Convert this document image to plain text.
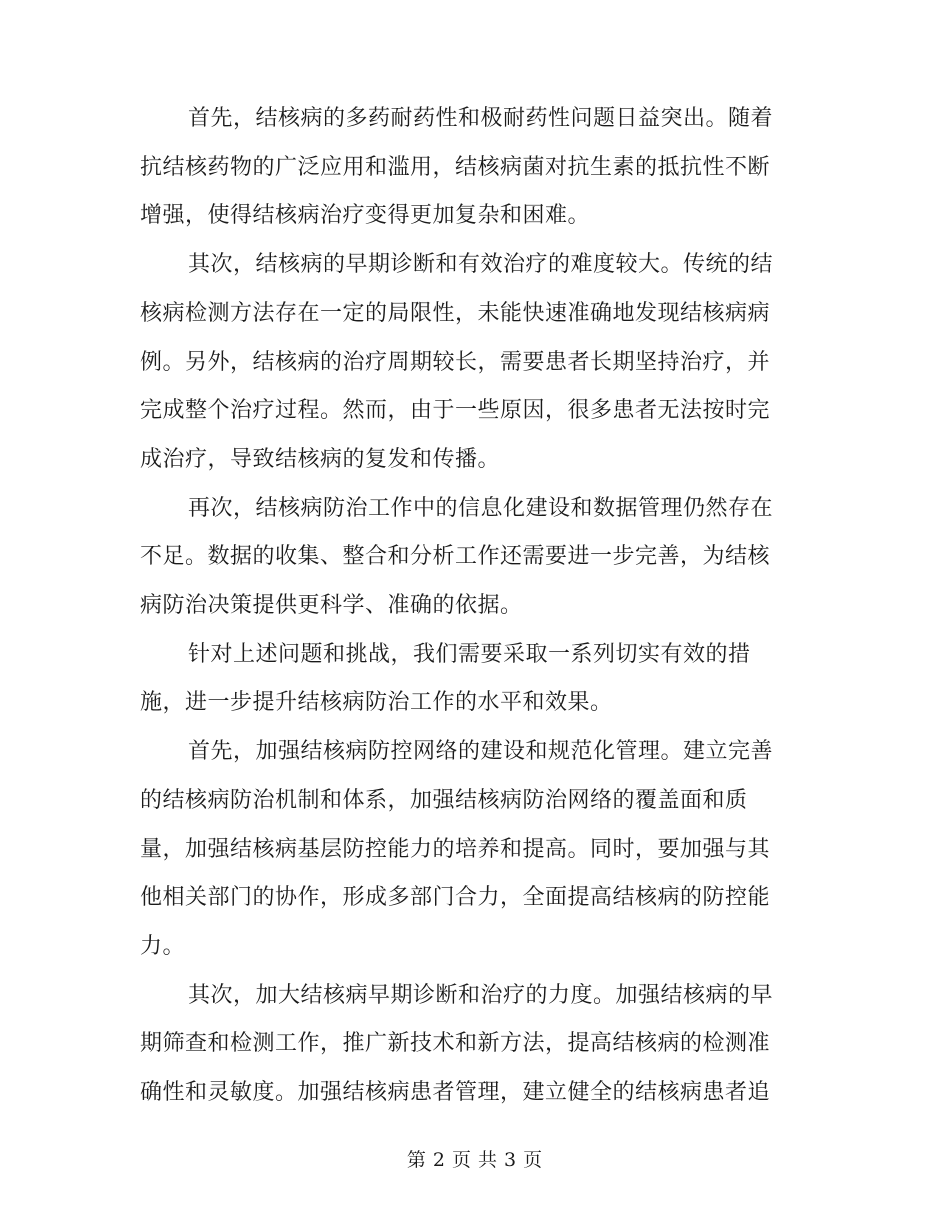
首先，结核病的多药耐药性和极耐药性问题日益突出。随着
抗结核药物的广泛应用和滥用，结核病菌对抗生素的抵抗性不断
增强，使得结核病治疗变得更加复杂和困难。
其次，结核病的早期诊断和有效治疗的难度较大。传统的结
核病检测方法存在一定的局限性，未能快速准确地发现结核病病
例。另外，结核病的治疗周期较长，需要患者长期坚持治疗，并
完成整个治疗过程。然而，由于一些原因，很多患者无法按时完
成治疗，导致结核病的复发和传播。
再次，结核病防治工作中的信息化建设和数据管理仍然存在
不足。数据的收集、整合和分析工作还需要进一步完善，为结核
病防治决策提供更科学、准确的依据。
针对上述问题和挑战，我们需要采取一系列切实有效的措
施，进一步提升结核病防治工作的水平和效果。
首先，加强结核病防控网络的建设和规范化管理。建立完善
的结核病防治机制和体系，加强结核病防治网络的覆盖面和质
量，加强结核病基层防控能力的培养和提高。同时，要加强与其
他相关部门的协作，形成多部门合力，全面提高结核病的防控能
力。
其次，加大结核病早期诊断和治疗的力度。加强结核病的早
期筛查和检测工作，推广新技术和新方法，提高结核病的检测准
确性和灵敏度。加强结核病患者管理，建立健全的结核病患者追
第 2 页 共 3 页
